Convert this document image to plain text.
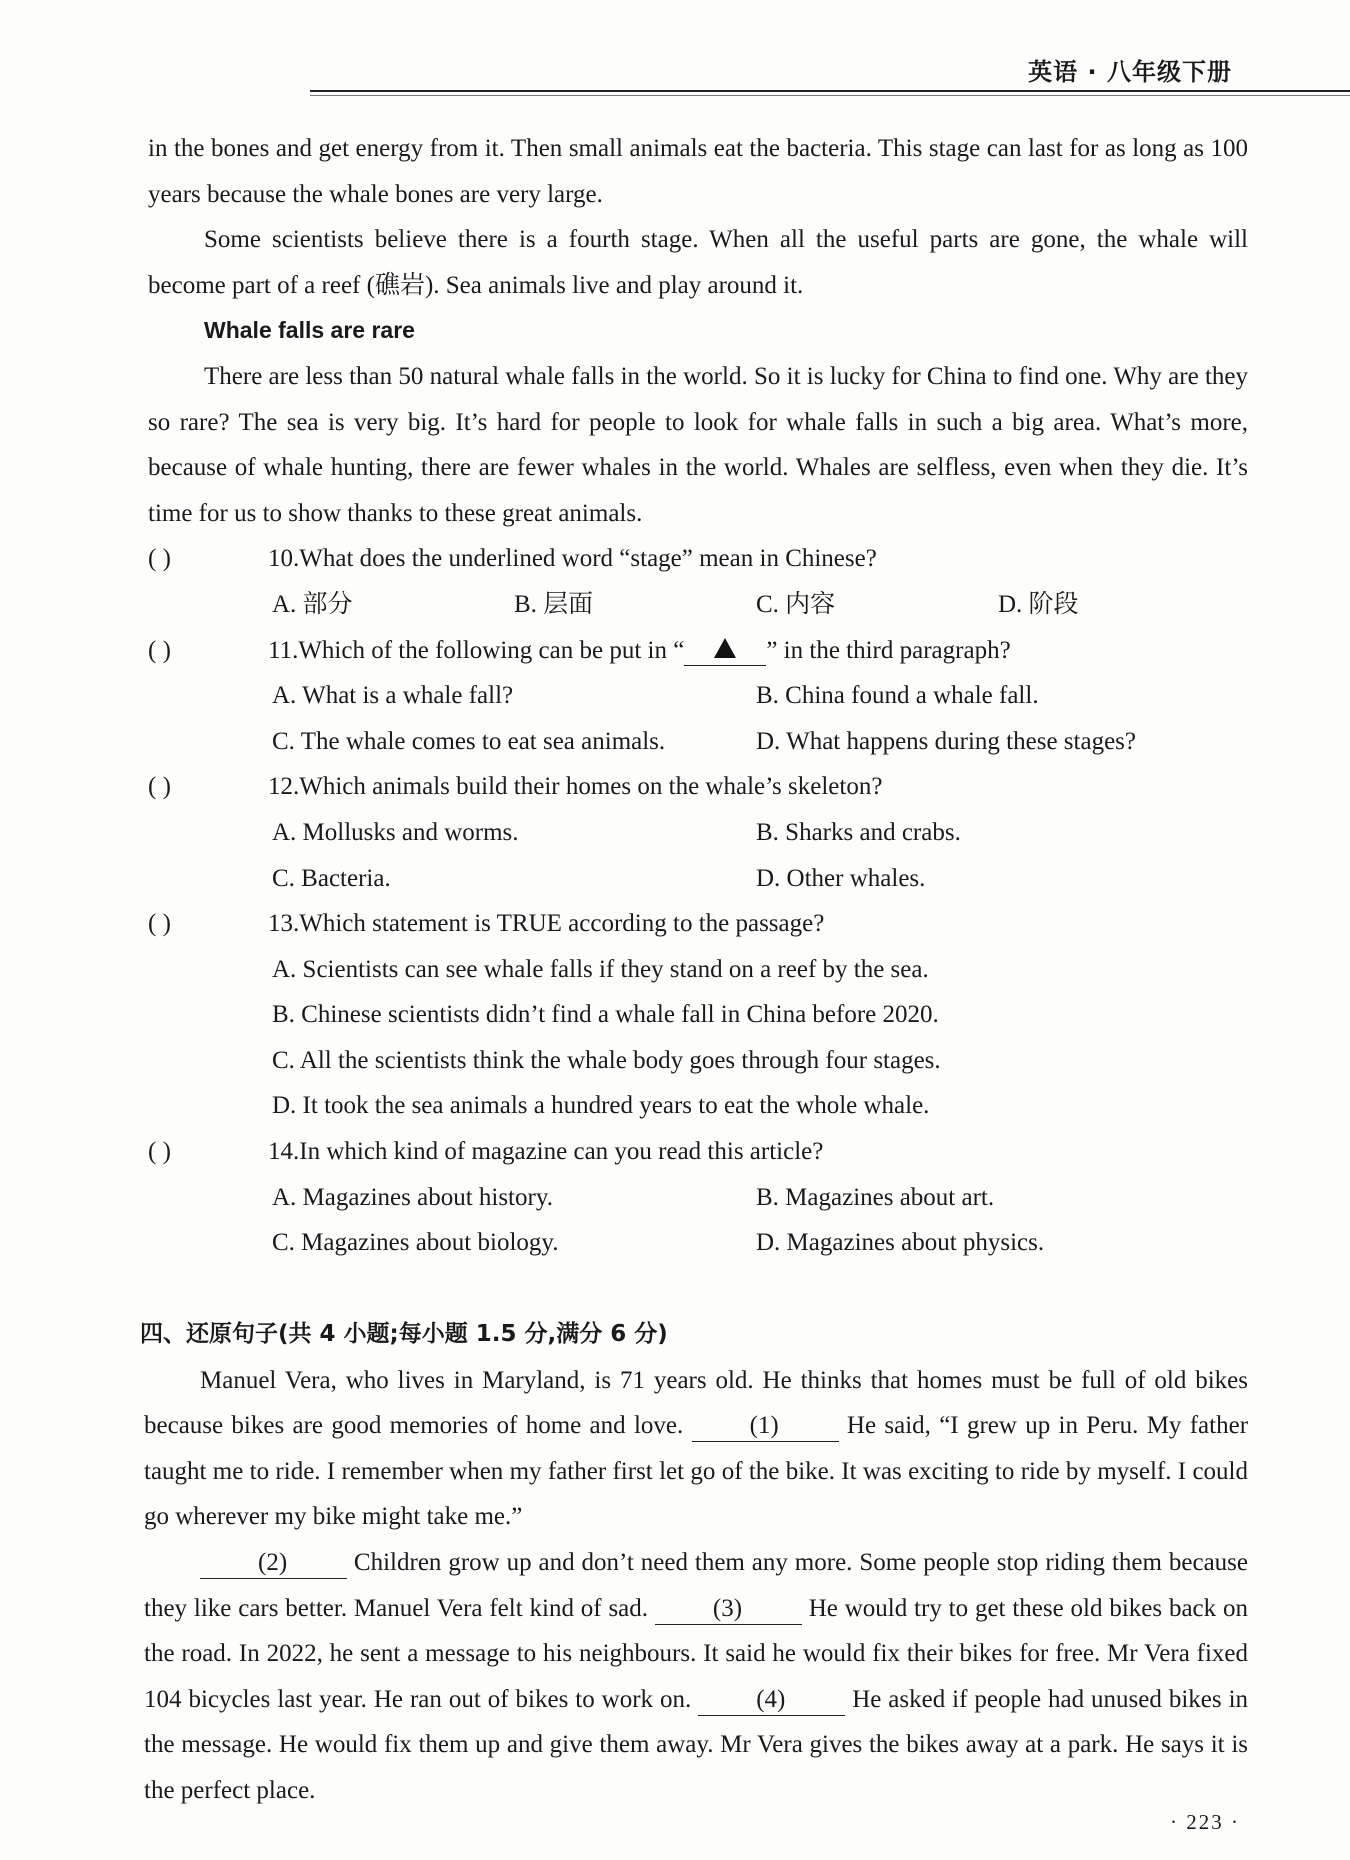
英语 · 八年级下册

in the bones and get energy from it. Then small animals eat the bacteria. This stage can last for as long as 100 years because the whale bones are very large.

Some scientists believe there is a fourth stage. When all the useful parts are gone, the whale will become part of a reef (礁岩). Sea animals live and play around it.

Whale falls are rare

There are less than 50 natural whale falls in the world. So it is lucky for China to find one. Why are they so rare? The sea is very big. It’s hard for people to look for whale falls in such a big area. What’s more, because of whale hunting, there are fewer whales in the world. Whales are selfless, even when they die. It’s time for us to show thanks to these great animals.

( )	10.What does the underlined word “stage” mean in Chinese?
A. 部分	B. 层面	C. 内容	D. 阶段
( )	11.Which of the following can be put in “	” in the third paragraph?
A. What is a whale fall?	B. China found a whale fall.
C. The whale comes to eat sea animals.	D. What happens during these stages?
( )	12.Which animals build their homes on the whale’s skeleton?
A. Mollusks and worms.	B. Sharks and crabs.
C. Bacteria.	D. Other whales.
( )	13.Which statement is TRUE according to the passage?
A. Scientists can see whale falls if they stand on a reef by the sea.
B. Chinese scientists didn’t find a whale fall in China before 2020.
C. All the scientists think the whale body goes through four stages.
D. It took the sea animals a hundred years to eat the whole whale.
( )	14.In which kind of magazine can you read this article?
A. Magazines about history.	B. Magazines about art.
C. Magazines about biology.	D. Magazines about physics.
四、还原句子(共 4 小题;每小题 1.5 分,满分 6 分)

Manuel Vera, who lives in Maryland, is 71 years old. He thinks that homes must be full of old bikes because bikes are good memories of home and love.	(1)	He said, “I grew up in Peru. My father taught me to ride. I remember when my father first let go of the bike. It was exciting to ride by myself. I could go wherever my bike might take me.”

(2)	Children grow up and don’t need them any more. Some people stop riding them because they like cars better. Manuel Vera felt kind of sad.	(3)	He would try to get these old bikes back on the road. In 2022, he sent a message to his neighbours. It said he would fix their bikes for free. Mr Vera fixed 104 bicycles last year. He ran out of bikes to work on.	(4)	He asked if people had unused bikes in the message. He would fix them up and give them away. Mr Vera gives the bikes away at a park. He says it is the perfect place.

· 223 ·
